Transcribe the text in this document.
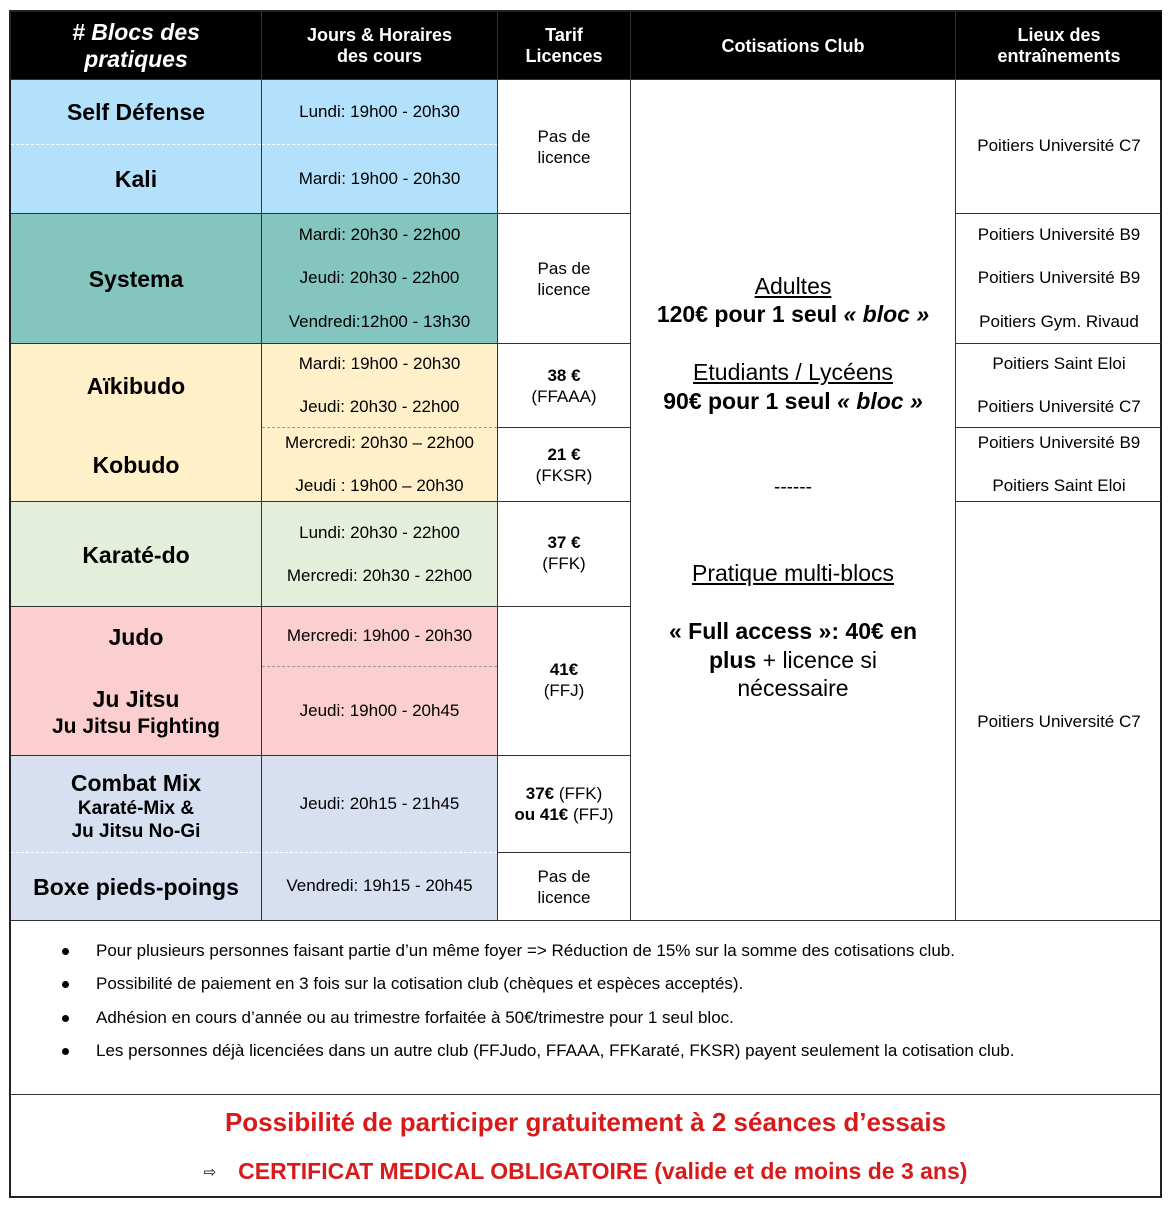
# Blocs des pratiques
Jours & Horaires des cours
Tarif Licences
Cotisations Club
Lieux des entraînements
Self Défense
Kali
Systema
Aïkibudo
Kobudo
Karaté-do
Judo
Ju Jitsu
Ju Jitsu Fighting
Combat Mix
Karaté-Mix &
Ju Jitsu No-Gi
Boxe pieds-poings
Lundi: 19h00 - 20h30
Mardi: 19h00 - 20h30
Mardi: 20h30 - 22h00
Jeudi: 20h30 - 22h00
Vendredi:12h00 - 13h30
Mardi: 19h00 - 20h30
Jeudi: 20h30 - 22h00
Mercredi: 20h30 – 22h00
Jeudi : 19h00 – 20h30
Lundi: 20h30 - 22h00
Mercredi: 20h30 - 22h00
Mercredi: 19h00 - 20h30
Jeudi: 19h00 - 20h45
Jeudi: 20h15 - 21h45
Vendredi: 19h15 - 20h45
Pas de
licence
Pas de
licence
38 €
(FFAAA)
21 €
(FKSR)
37 €
(FFK)
41€
(FFJ)
37€ (FFK)
ou 41€ (FFJ)
Pas de
licence
Adultes
120€ pour 1 seul « bloc »
Etudiants / Lycéens
90€ pour 1 seul « bloc »
------
Pratique multi-blocs
« Full access »: 40€ en
plus + licence si
nécessaire
Poitiers Université C7
Poitiers Université B9
Poitiers Université B9
Poitiers Gym. Rivaud
Poitiers Saint Eloi
Poitiers Université C7
Poitiers Université B9
Poitiers Saint Eloi
Poitiers Université C7
Pour plusieurs personnes faisant partie d’un même foyer => Réduction de 15% sur la somme des cotisations club.
Possibilité de paiement en 3 fois sur la cotisation club (chèques et espèces acceptés).
Adhésion en cours d’année ou au trimestre forfaitée à 50€/trimestre pour 1 seul bloc.
Les personnes déjà licenciées dans un autre club (FFJudo, FFAAA, FFKaraté, FKSR) payent seulement la cotisation club.
Possibilité de participer gratuitement à 2 séances d’essais
⇨ CERTIFICAT MEDICAL OBLIGATOIRE (valide et de moins de 3 ans)
